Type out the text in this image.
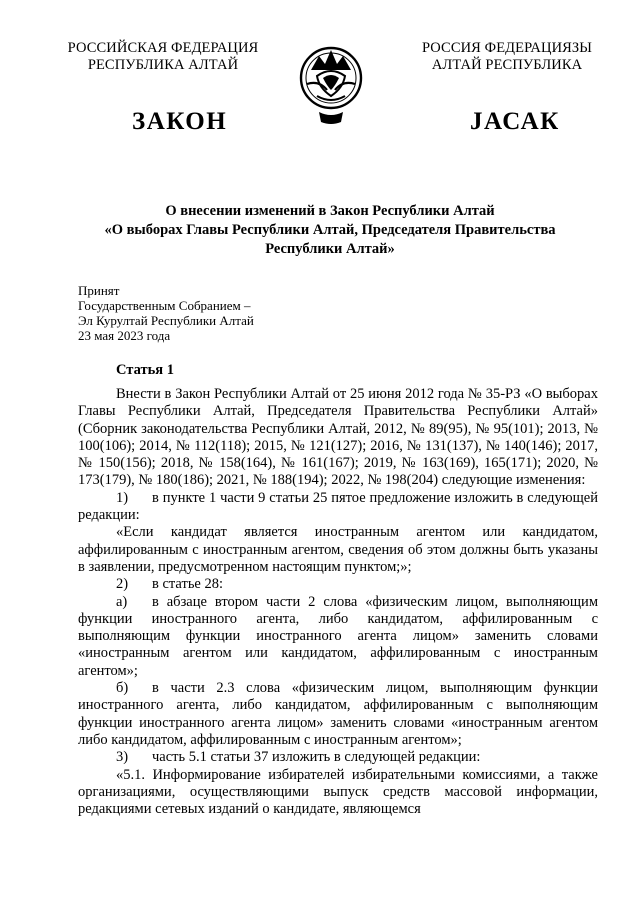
РОССИЙСКАЯ ФЕДЕРАЦИЯ
РЕСПУБЛИКА АЛТАЙ
РОССИЯ ФЕДЕРАЦИЯЗЫ
АЛТАЙ РЕСПУБЛИКА
ЗАКОН	JАСАК
О внесении изменений в Закон Республики Алтай
«О выборах Главы Республики Алтай, Председателя Правительства
Республики Алтай»
Принят
Государственным Собранием –
Эл Курултай Республики Алтай
23 мая 2023 года
Статья 1

Внести в Закон Республики Алтай от 25 июня 2012 года № 35-РЗ «О выборах Главы Республики Алтай, Председателя Правительства Республики Алтай» (Сборник законодательства Республики Алтай, 2012, № 89(95), № 95(101); 2013, № 100(106); 2014, № 112(118); 2015, № 121(127); 2016, № 131(137), № 140(146); 2017, № 150(156); 2018, № 158(164), № 161(167); 2019, № 163(169), 165(171); 2020, № 173(179), № 180(186); 2021, № 188(194); 2022, № 198(204) следующие изменения:

1) в пункте 1 части 9 статьи 25 пятое предложение изложить в следующей редакции:

«Если кандидат является иностранным агентом или кандидатом, аффилированным с иностранным агентом, сведения об этом должны быть указаны в заявлении, предусмотренном настоящим пунктом;»;

2) в статье 28:

а) в абзаце втором части 2 слова «физическим лицом, выполняющим функции иностранного агента, либо кандидатом, аффилированным с выполняющим функции иностранного агента лицом» заменить словами «иностранным агентом или кандидатом, аффилированным с иностранным агентом»;

б) в части 2.3 слова «физическим лицом, выполняющим функции иностранного агента, либо кандидатом, аффилированным с выполняющим функции иностранного агента лицом» заменить словами «иностранным агентом либо кандидатом, аффилированным с иностранным агентом»;

3) часть 5.1 статьи 37 изложить в следующей редакции:

«5.1. Информирование избирателей избирательными комиссиями, а также организациями, осуществляющими выпуск средств массовой информации, редакциями сетевых изданий о кандидате, являющемся
